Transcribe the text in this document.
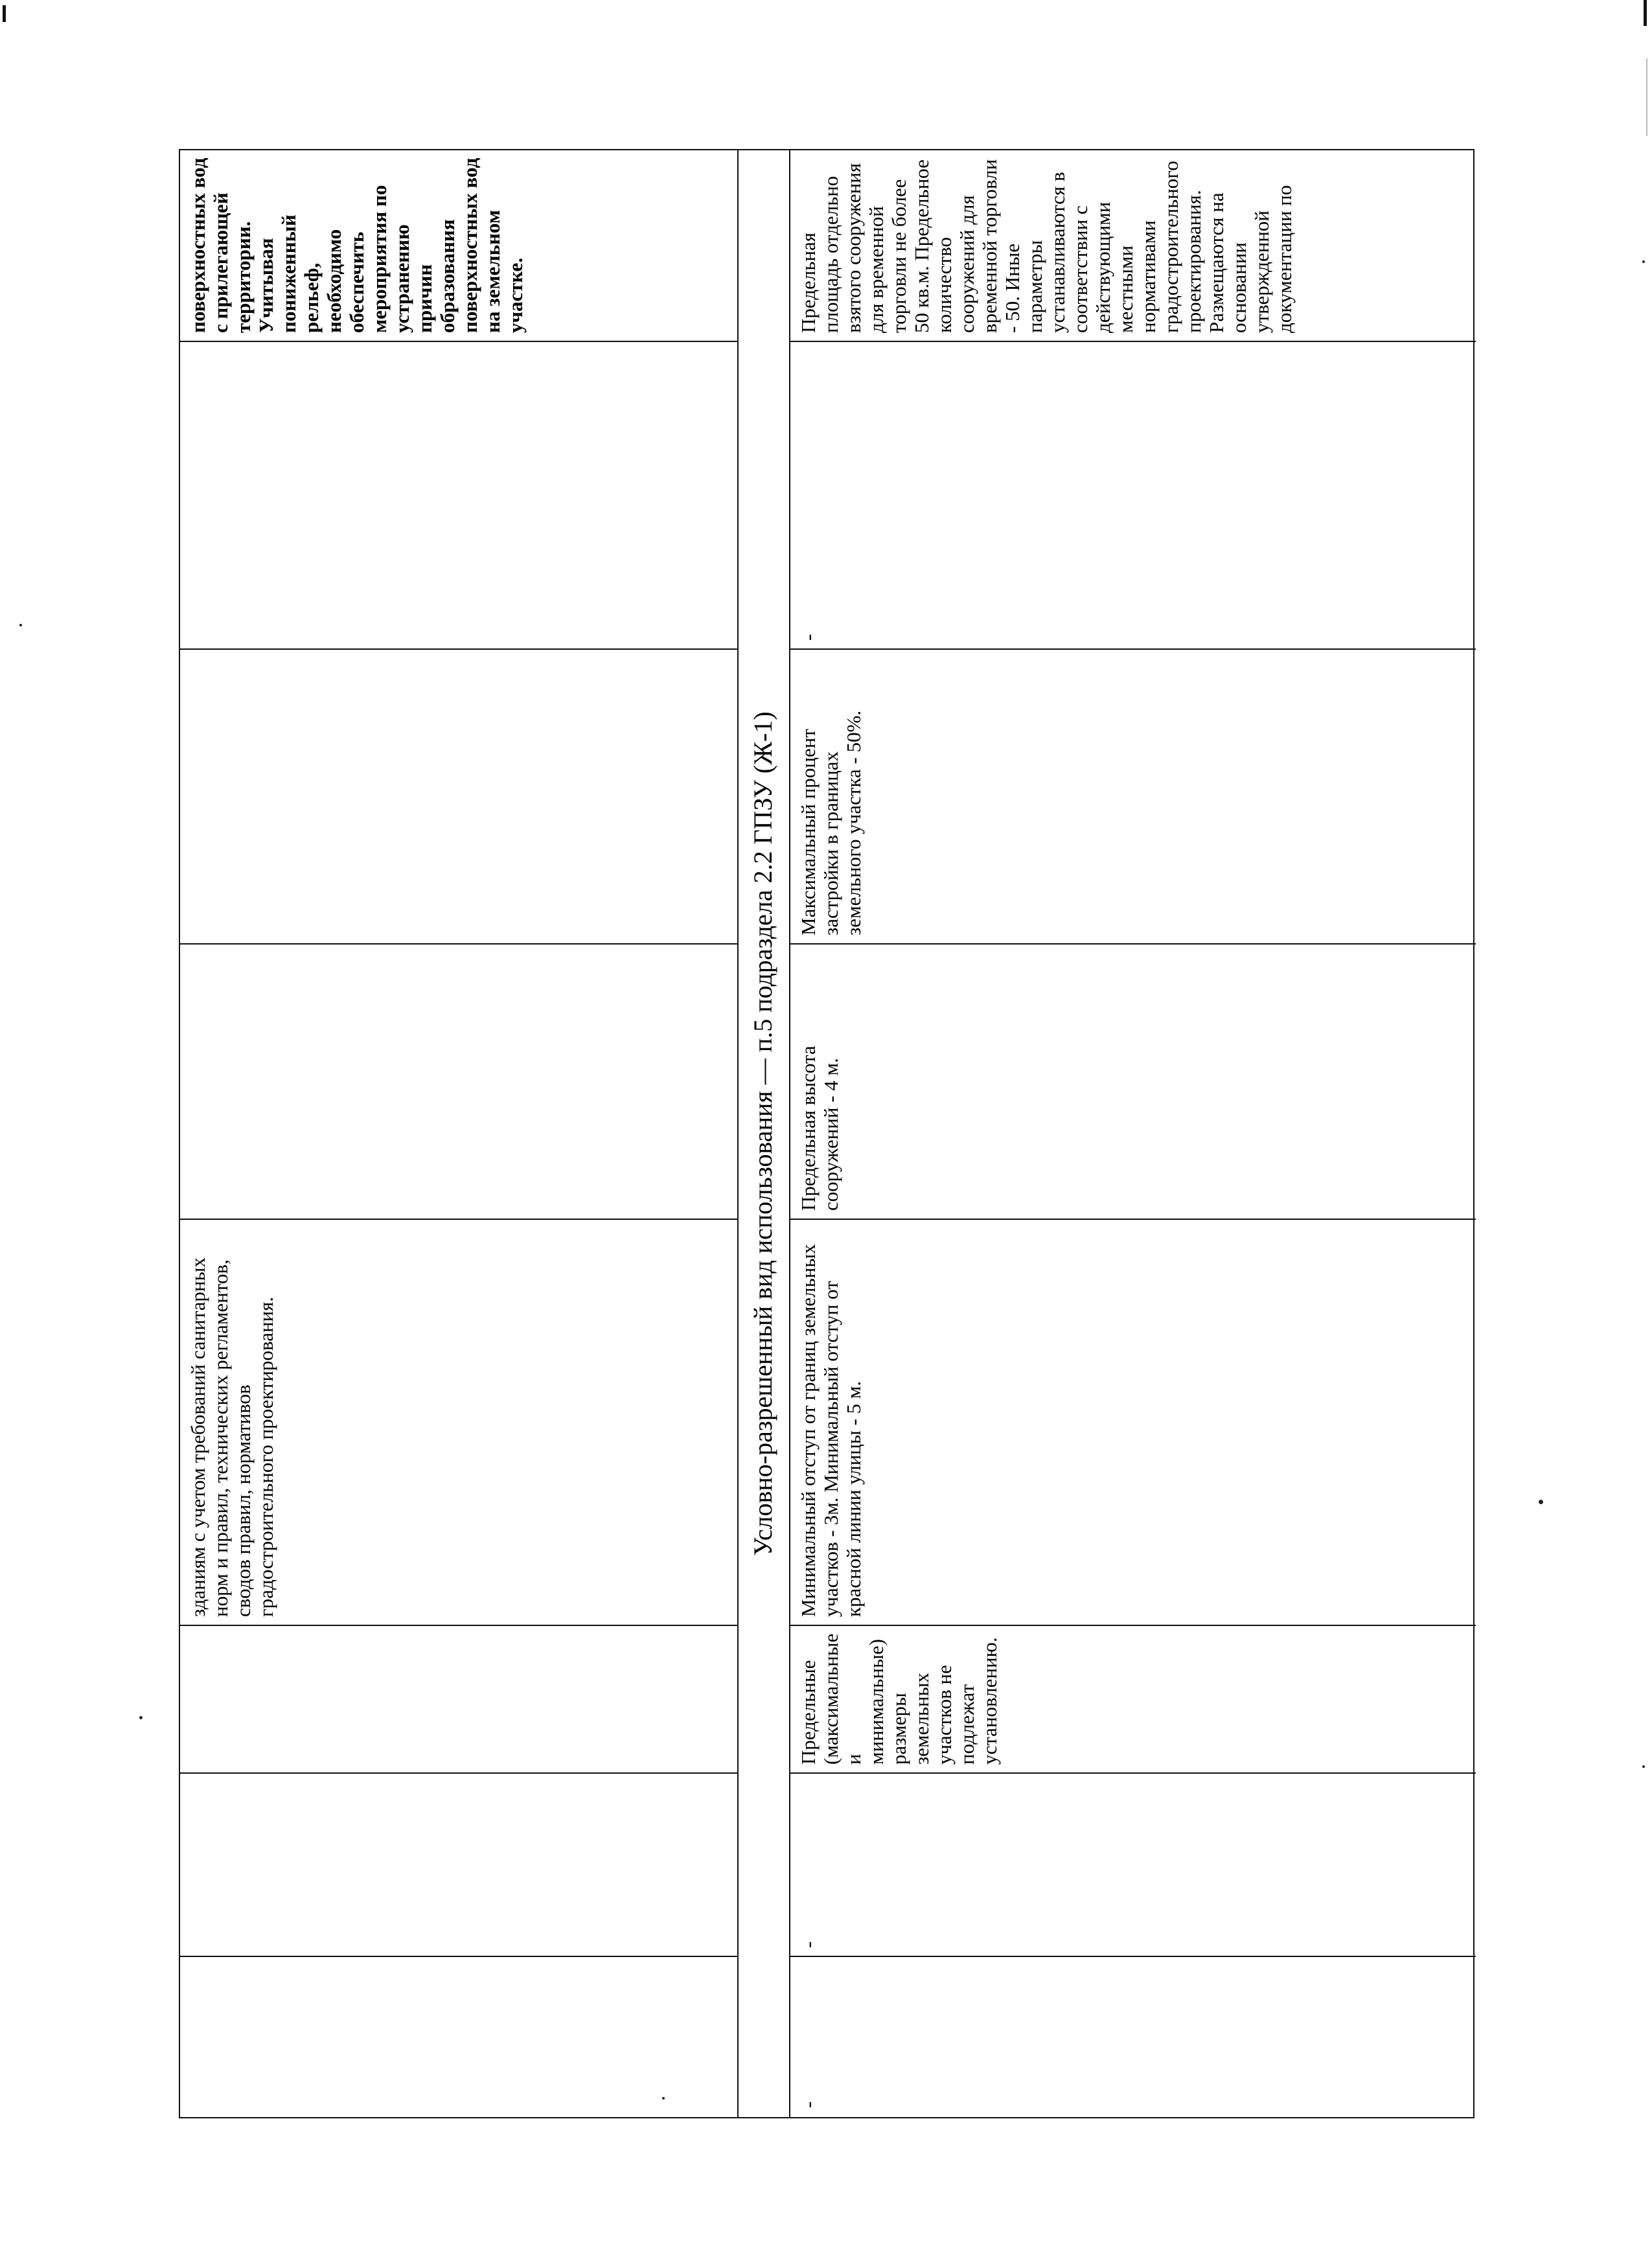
зданиям с учетом требований санитарных норм и правил, технических регламентов, сводов правил, нормативов градостроительного проектирования.
поверхностных вод с прилегающей территории. Учитывая пониженный рельеф, необходимо обеспечить мероприятия по устранению причин образования поверхностных вод на земельном участке.
Условно-разрешенный вид использования — п.5 подраздела 2.2 ГПЗУ (Ж-1)
-
-
Предельные (максимальные и минимальные) размеры земельных участков не подлежат установлению.
Минимальный отступ от границ земельных участков - 3м. Минимальный отступ от красной линии улицы - 5 м.
Предельная высота сооружений - 4 м.
Максимальный процент застройки в границах земельного участка - 50%.
-
Предельная площадь отдельно взятого сооружения для временной торговли не более 50 кв.м. Предельное количество сооружений для временной торговли - 50. Иные параметры устанавливаются в соответствии с действующими местными нормативами градостроительного проектирования. Размещаются на основании утвержденной документации по
